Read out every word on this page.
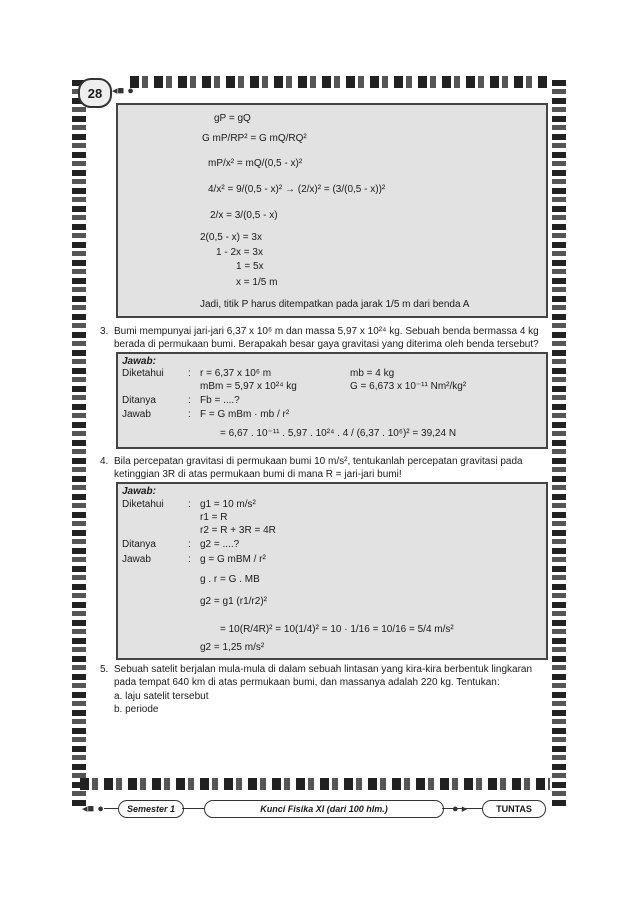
28 ◂■ ●
gP = gQ
G mP/RP² = G mQ/RQ²
mP/x² = mQ/(0,5 - x)²
4/x² = 9/(0,5 - x)² → (2/x)² = (3/(0,5 - x))²
2/x = 3/(0,5 - x)
2(0,5 - x) = 3x
1 - 2x = 3x
1 = 5x
x = 1/5 m
Jadi, titik P harus ditempatkan pada jarak 1/5 m dari benda A
3. Bumi mempunyai jari-jari 6,37 x 10⁶ m dan massa 5,97 x 10²⁴ kg. Sebuah benda bermassa 4 kg berada di permukaan bumi. Berapakah besar gaya gravitasi yang diterima oleh benda tersebut?
Jawab:
Diketahui : r = 6,37 x 10⁶ m	mb = 4 kg
mBm = 5,97 x 10²⁴ kg	G = 6,673 x 10⁻¹¹ Nm²/kg²
Ditanya	: Fb = ....?
Jawab	: F = G mBm · mb / r²
= 6,67 . 10⁻¹¹ . 5,97 . 10²⁴ . 4 / (6,37 . 10⁶)² = 39,24 N
4. Bila percepatan gravitasi di permukaan bumi 10 m/s², tentukanlah percepatan gravitasi pada ketinggian 3R di atas permukaan bumi di mana R = jari-jari bumi!
Jawab:
Diketahui : g1 = 10 m/s²
r1 = R
r2 = R + 3R = 4R
Ditanya	: g2 = ....?
Jawab	: g = G mBM / r²
g . r = G . MB
g2 = g1 (r1/r2)²
= 10(R/4R)² = 10(1/4)² = 10 · 1/16 = 10/16 = 5/4 m/s²
g2 = 1,25 m/s²
5. Sebuah satelit berjalan mula-mula di dalam sebuah lintasan yang kira-kira berbentuk lingkaran pada tempat 640 km di atas permukaan bumi, dan massanya adalah 220 kg. Tentukan:
a. laju satelit tersebut
b. periode
◂■ ●	Semester 1	Kunci Fisika XI (dari 100 hlm.)	● ▸	TUNTAS
